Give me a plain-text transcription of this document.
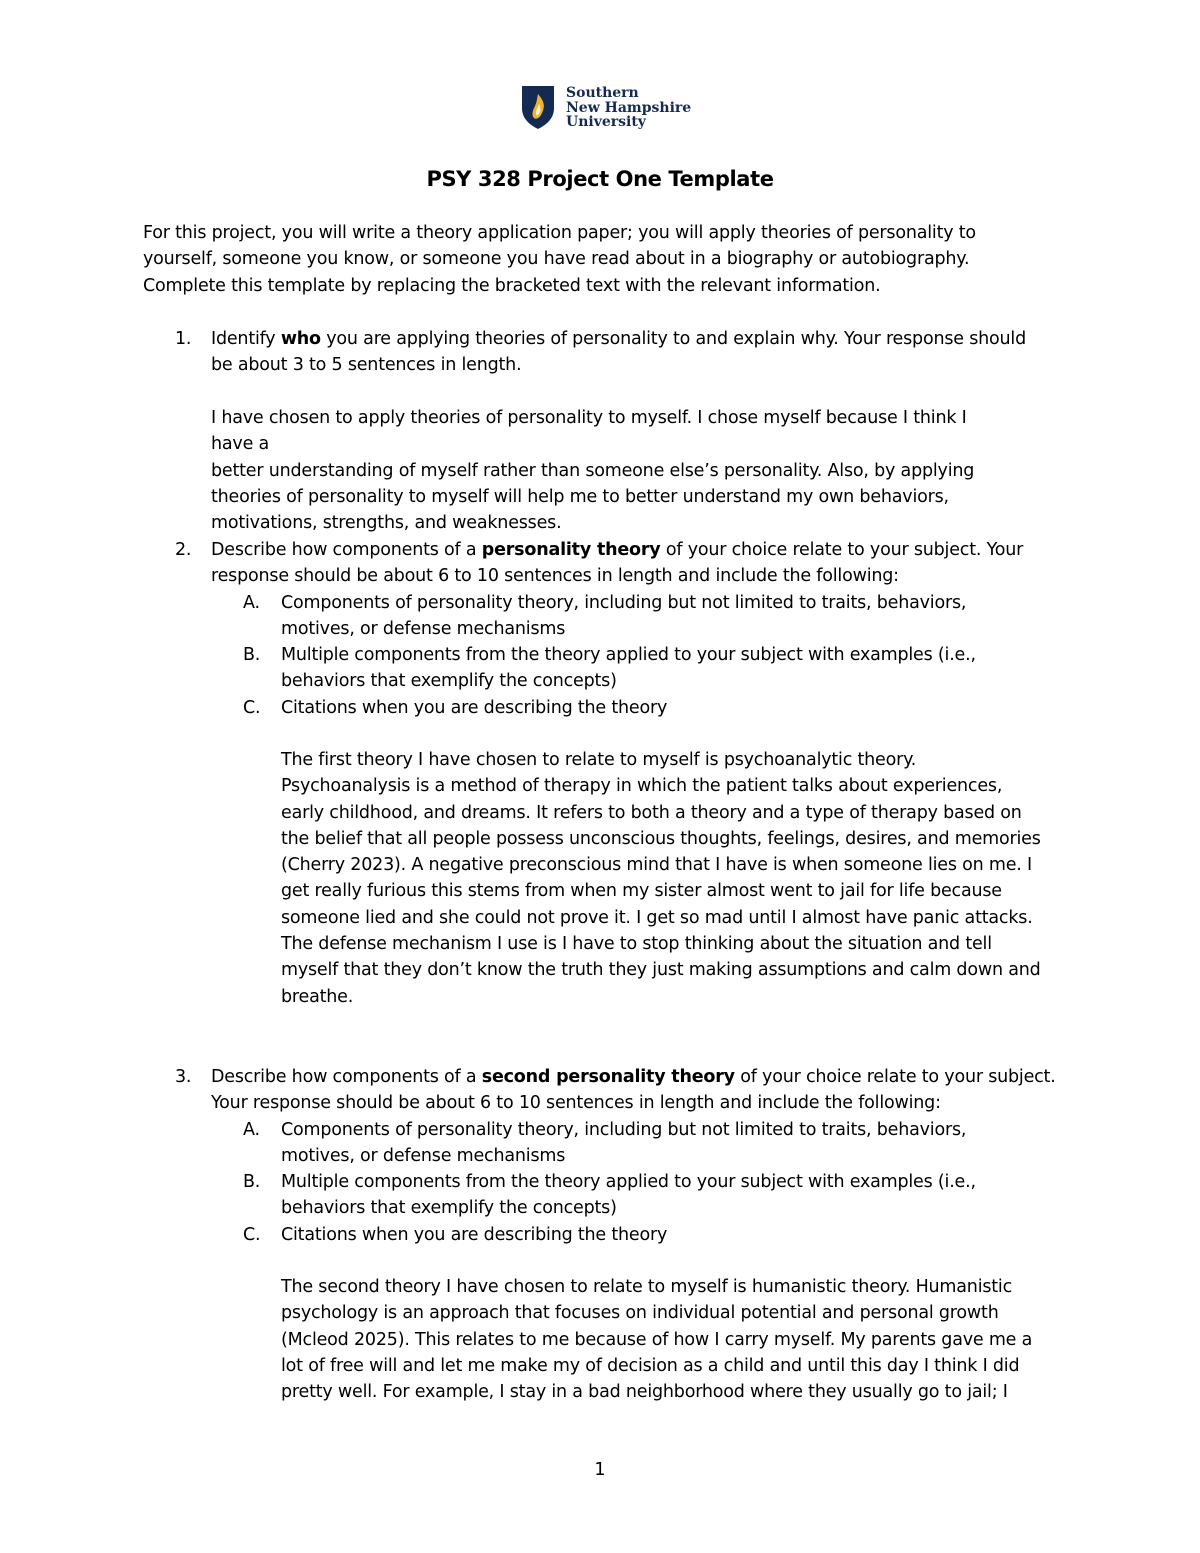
Southern
New Hampshire
University
PSY 328 Project One Template
For this project, you will write a theory application paper; you will apply theories of personality to
yourself, someone you know, or someone you have read about in a biography or autobiography.
Complete this template by replacing the bracketed text with the relevant information.
1. Identify who you are applying theories of personality to and explain why. Your response should
be about 3 to 5 sentences in length.
I have chosen to apply theories of personality to myself. I chose myself because I think I have a
better understanding of myself rather than someone else’s personality. Also, by applying
theories of personality to myself will help me to better understand my own behaviors,
motivations, strengths, and weaknesses.
2. Describe how components of a personality theory of your choice relate to your subject. Your
response should be about 6 to 10 sentences in length and include the following:
A. Components of personality theory, including but not limited to traits, behaviors,
motives, or defense mechanisms
B. Multiple components from the theory applied to your subject with examples (i.e.,
behaviors that exemplify the concepts)
C. Citations when you are describing the theory
The first theory I have chosen to relate to myself is psychoanalytic theory.
Psychoanalysis is a method of therapy in which the patient talks about experiences,
early childhood, and dreams. It refers to both a theory and a type of therapy based on
the belief that all people possess unconscious thoughts, feelings, desires, and memories
(Cherry 2023). A negative preconscious mind that I have is when someone lies on me. I
get really furious this stems from when my sister almost went to jail for life because
someone lied and she could not prove it. I get so mad until I almost have panic attacks.
The defense mechanism I use is I have to stop thinking about the situation and tell
myself that they don’t know the truth they just making assumptions and calm down and
breathe.
3. Describe how components of a second personality theory of your choice relate to your subject.
Your response should be about 6 to 10 sentences in length and include the following:
A. Components of personality theory, including but not limited to traits, behaviors,
motives, or defense mechanisms
B. Multiple components from the theory applied to your subject with examples (i.e.,
behaviors that exemplify the concepts)
C. Citations when you are describing the theory
The second theory I have chosen to relate to myself is humanistic theory. Humanistic
psychology is an approach that focuses on individual potential and personal growth
(Mcleod 2025). This relates to me because of how I carry myself. My parents gave me a
lot of free will and let me make my of decision as a child and until this day I think I did
pretty well. For example, I stay in a bad neighborhood where they usually go to jail; I
1
